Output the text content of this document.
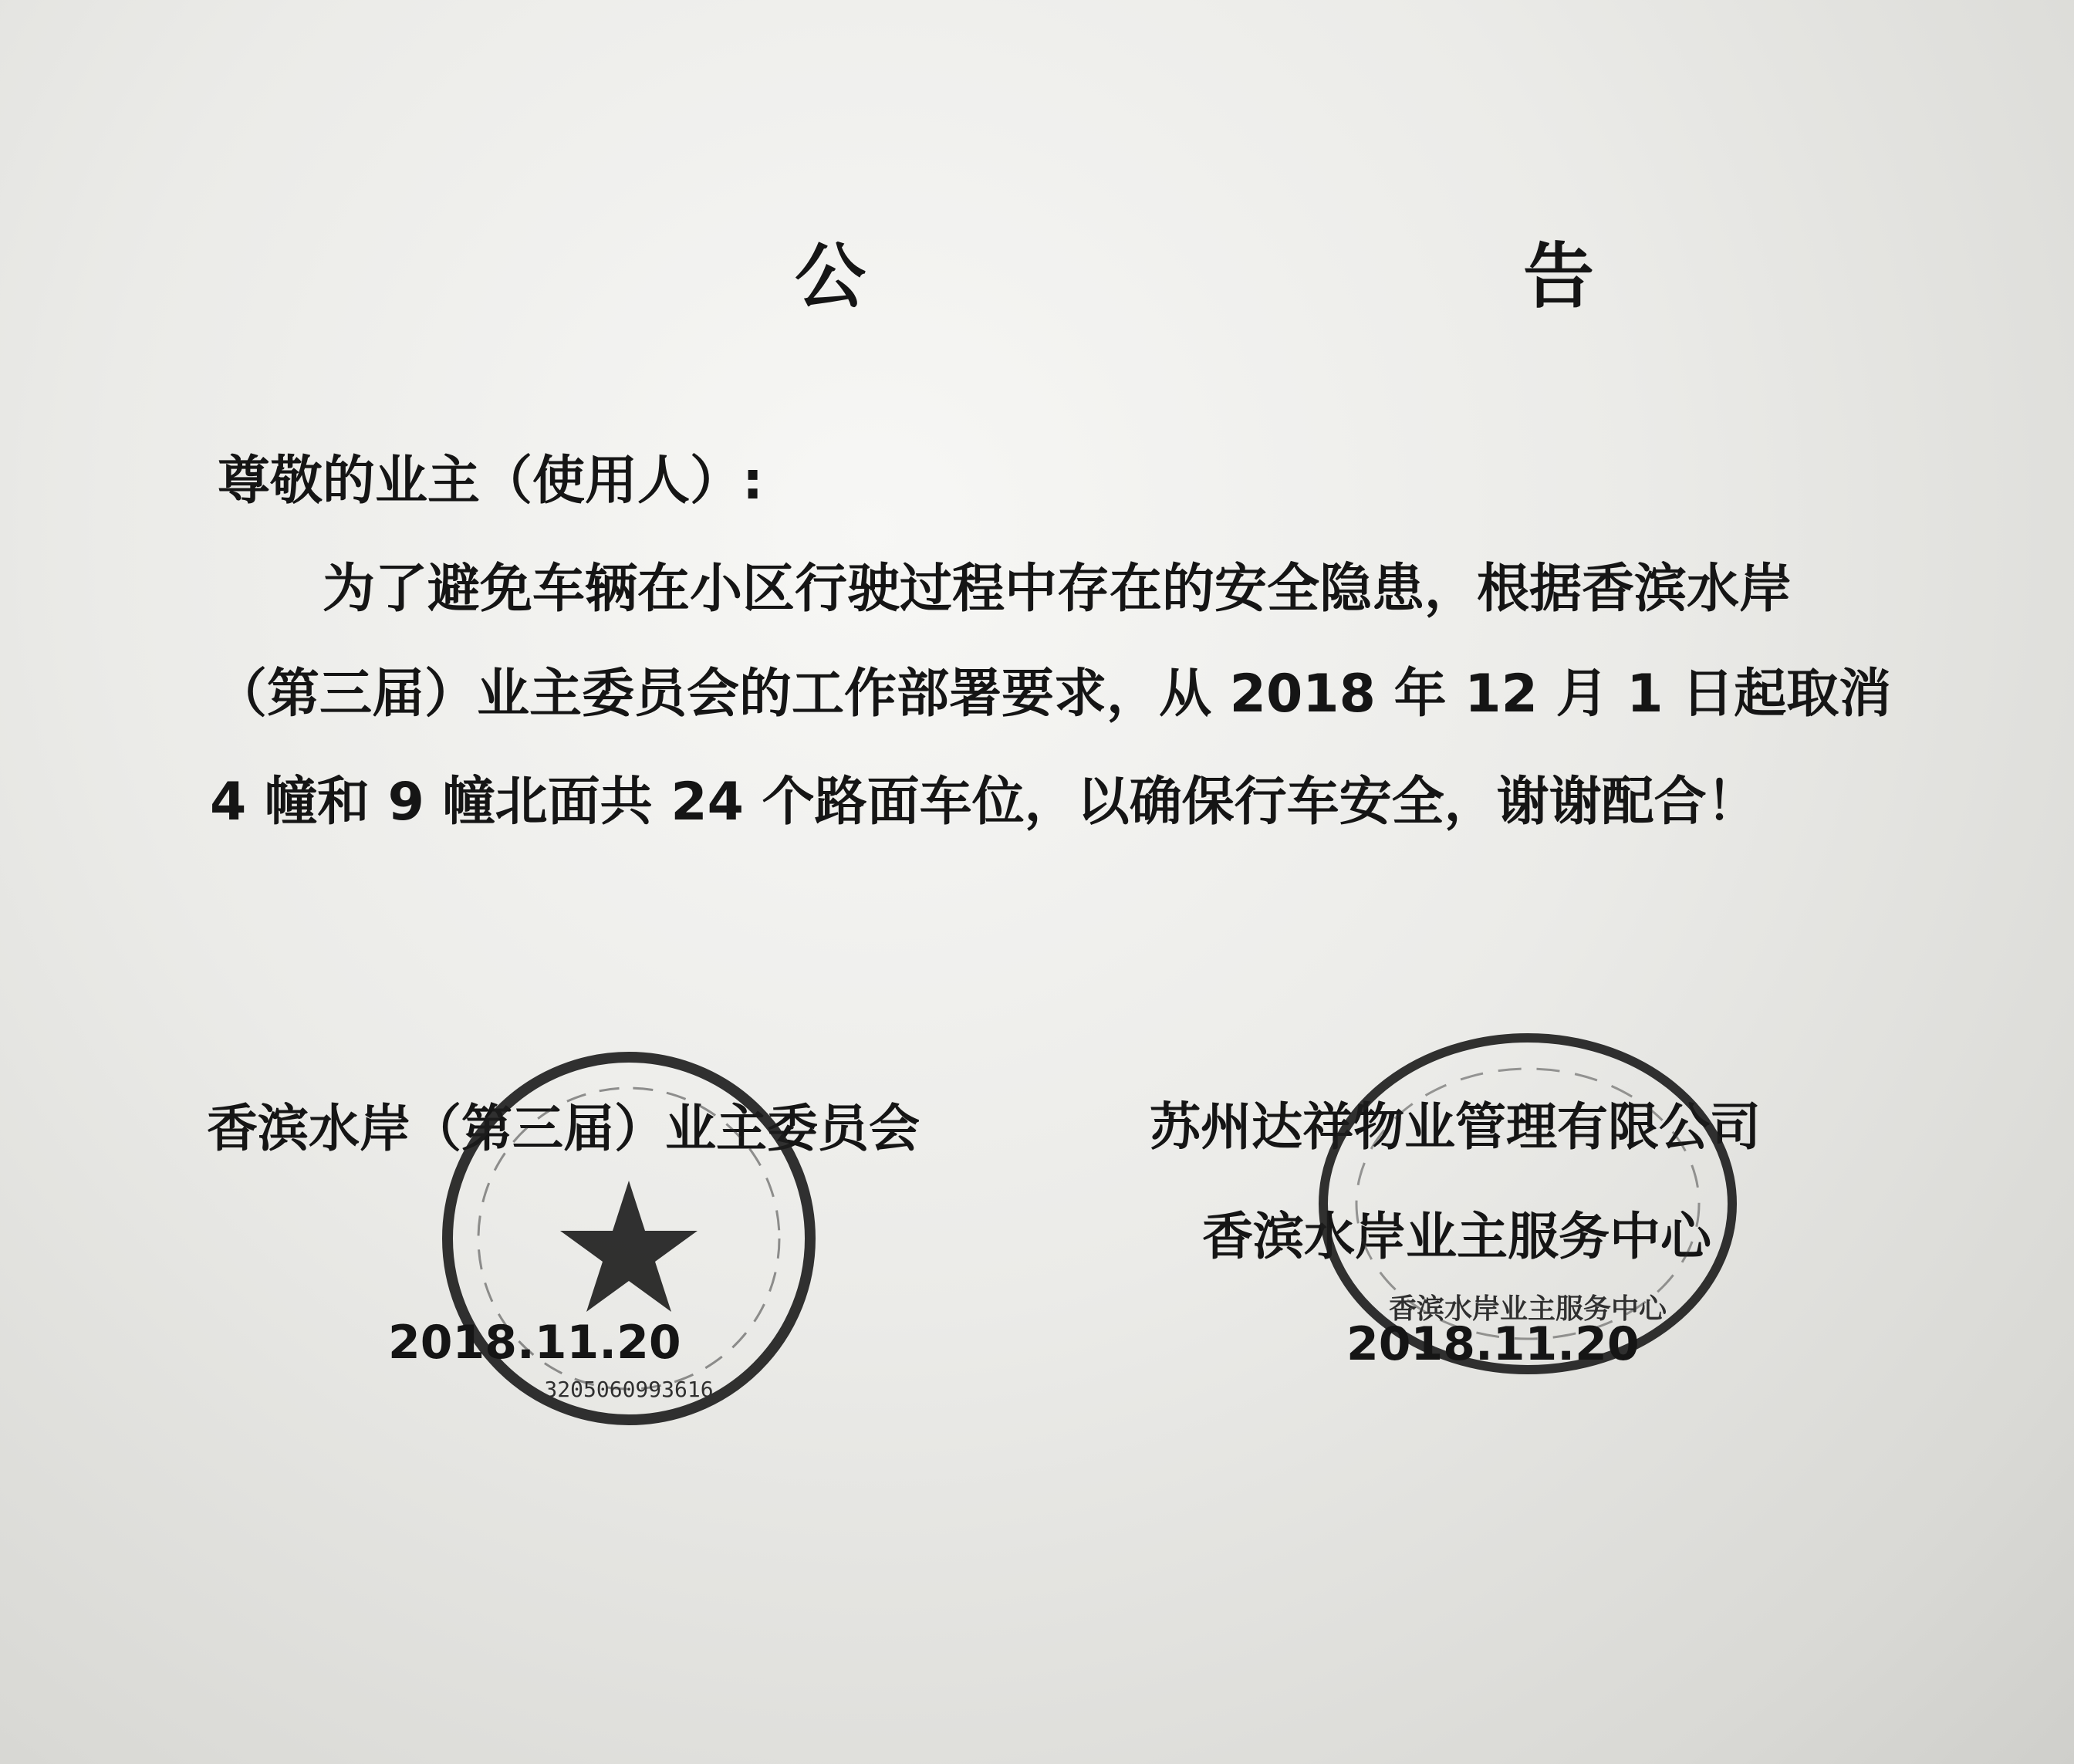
公　告
尊敬的业主（使用人）:
为了避免车辆在小区行驶过程中存在的安全隐患，根据香滨水岸
（第三届）业主委员会的工作部署要求，从 2018 年 12 月 1 日起取消
4 幢和 9 幢北面共 24 个路面车位，以确保行车安全，谢谢配合！
香滨水岸（第三届）业主委员会
3205060993616
2018.11.20
苏州达祥物业管理有限公司
香滨水岸业主服务中心
香滨水岸业主服务中心
2018.11.20
